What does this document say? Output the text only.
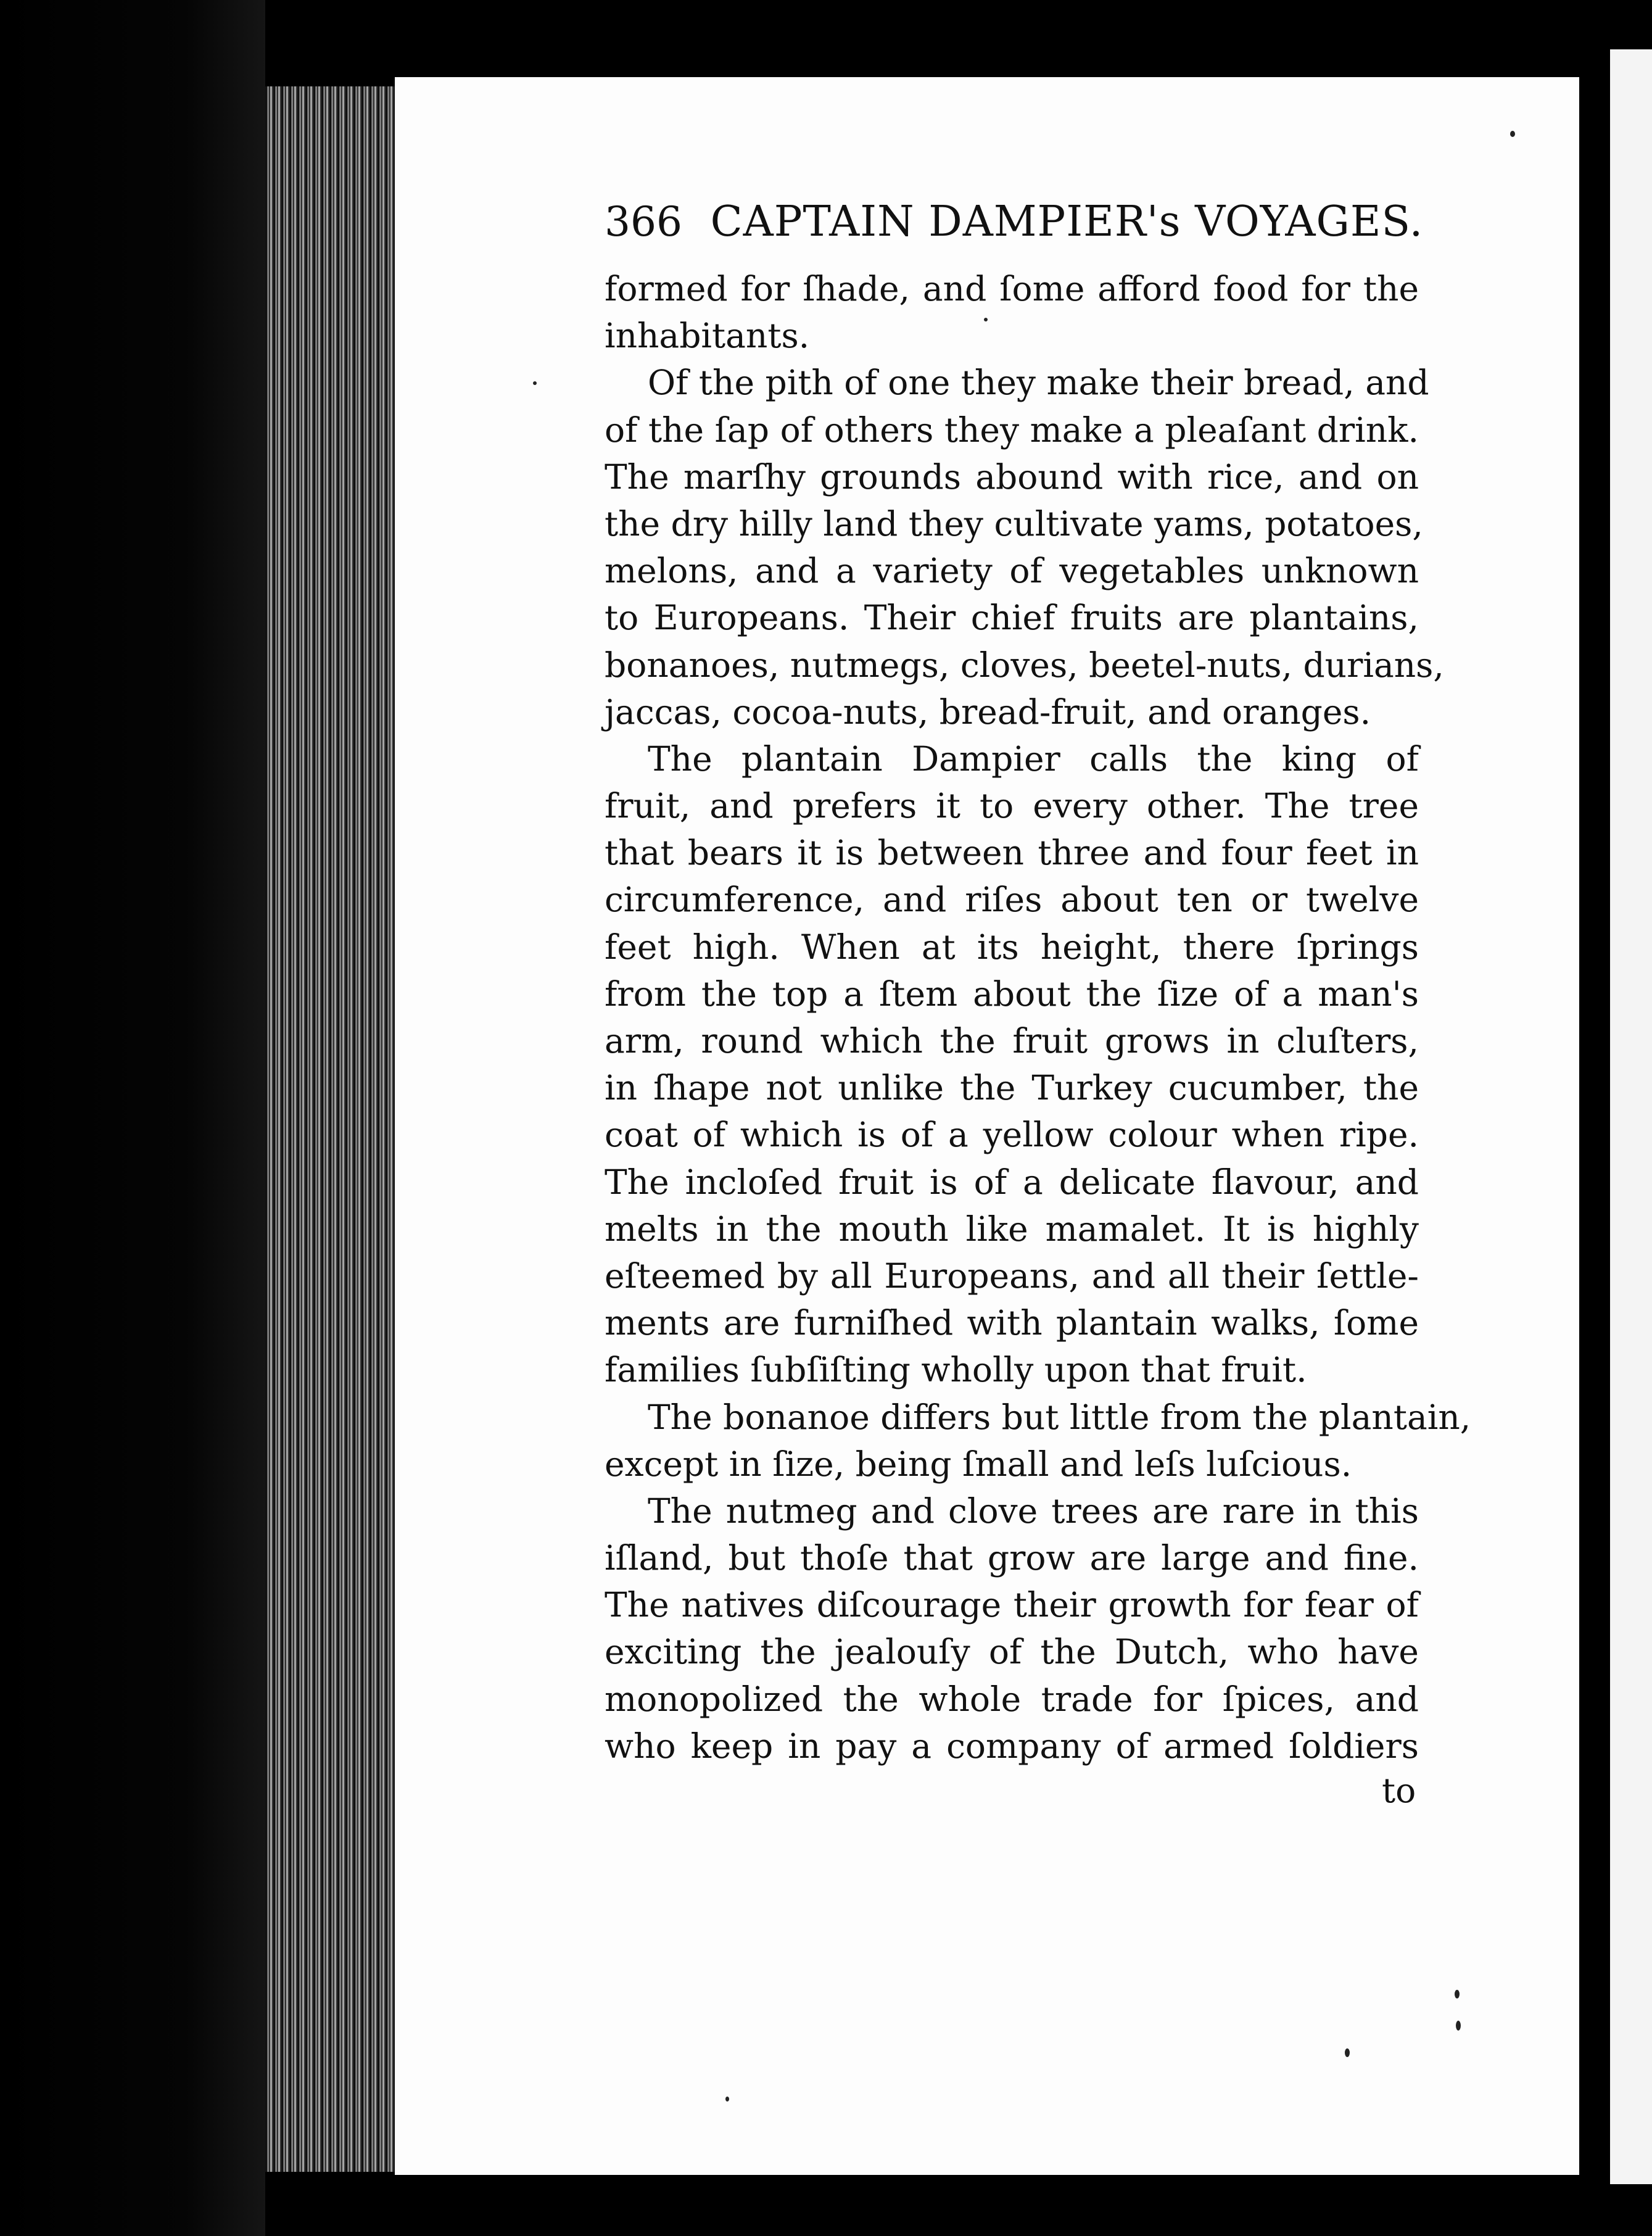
366 CAPTAIN DAMPIER's VOYAGES.
formed for ſhade, and ſome afford food for the
inhabitants.
Of the pith of one they make their bread, and
of the ſap of others they make a pleaſant drink.
The marſhy grounds abound with rice, and on
the dry hilly land they cultivate yams, potatoes,
melons, and a variety of vegetables unknown
to Europeans. Their chief fruits are plantains,
bonanoes, nutmegs, cloves, beetel-nuts, durians,
jaccas, cocoa-nuts, bread-fruit, and oranges.
The plantain Dampier calls the king of
fruit, and prefers it to every other. The tree
that bears it is between three and four feet in
circumference, and riſes about ten or twelve
feet high. When at its height, there ſprings
from the top a ſtem about the ſize of a man's
arm, round which the fruit grows in cluſters,
in ſhape not unlike the Turkey cucumber, the
coat of which is of a yellow colour when ripe.
The incloſed fruit is of a delicate flavour, and
melts in the mouth like mamalet. It is highly
eſteemed by all Europeans, and all their ſettle-
ments are furniſhed with plantain walks, ſome
families ſubſiſting wholly upon that fruit.
The bonanoe differs but little from the plantain,
except in ſize, being ſmall and leſs luſcious.
The nutmeg and clove trees are rare in this
iſland, but thoſe that grow are large and fine.
The natives diſcourage their growth for fear of
exciting the jealouſy of the Dutch, who have
monopolized the whole trade for ſpices, and
who keep in pay a company of armed ſoldiers
to
